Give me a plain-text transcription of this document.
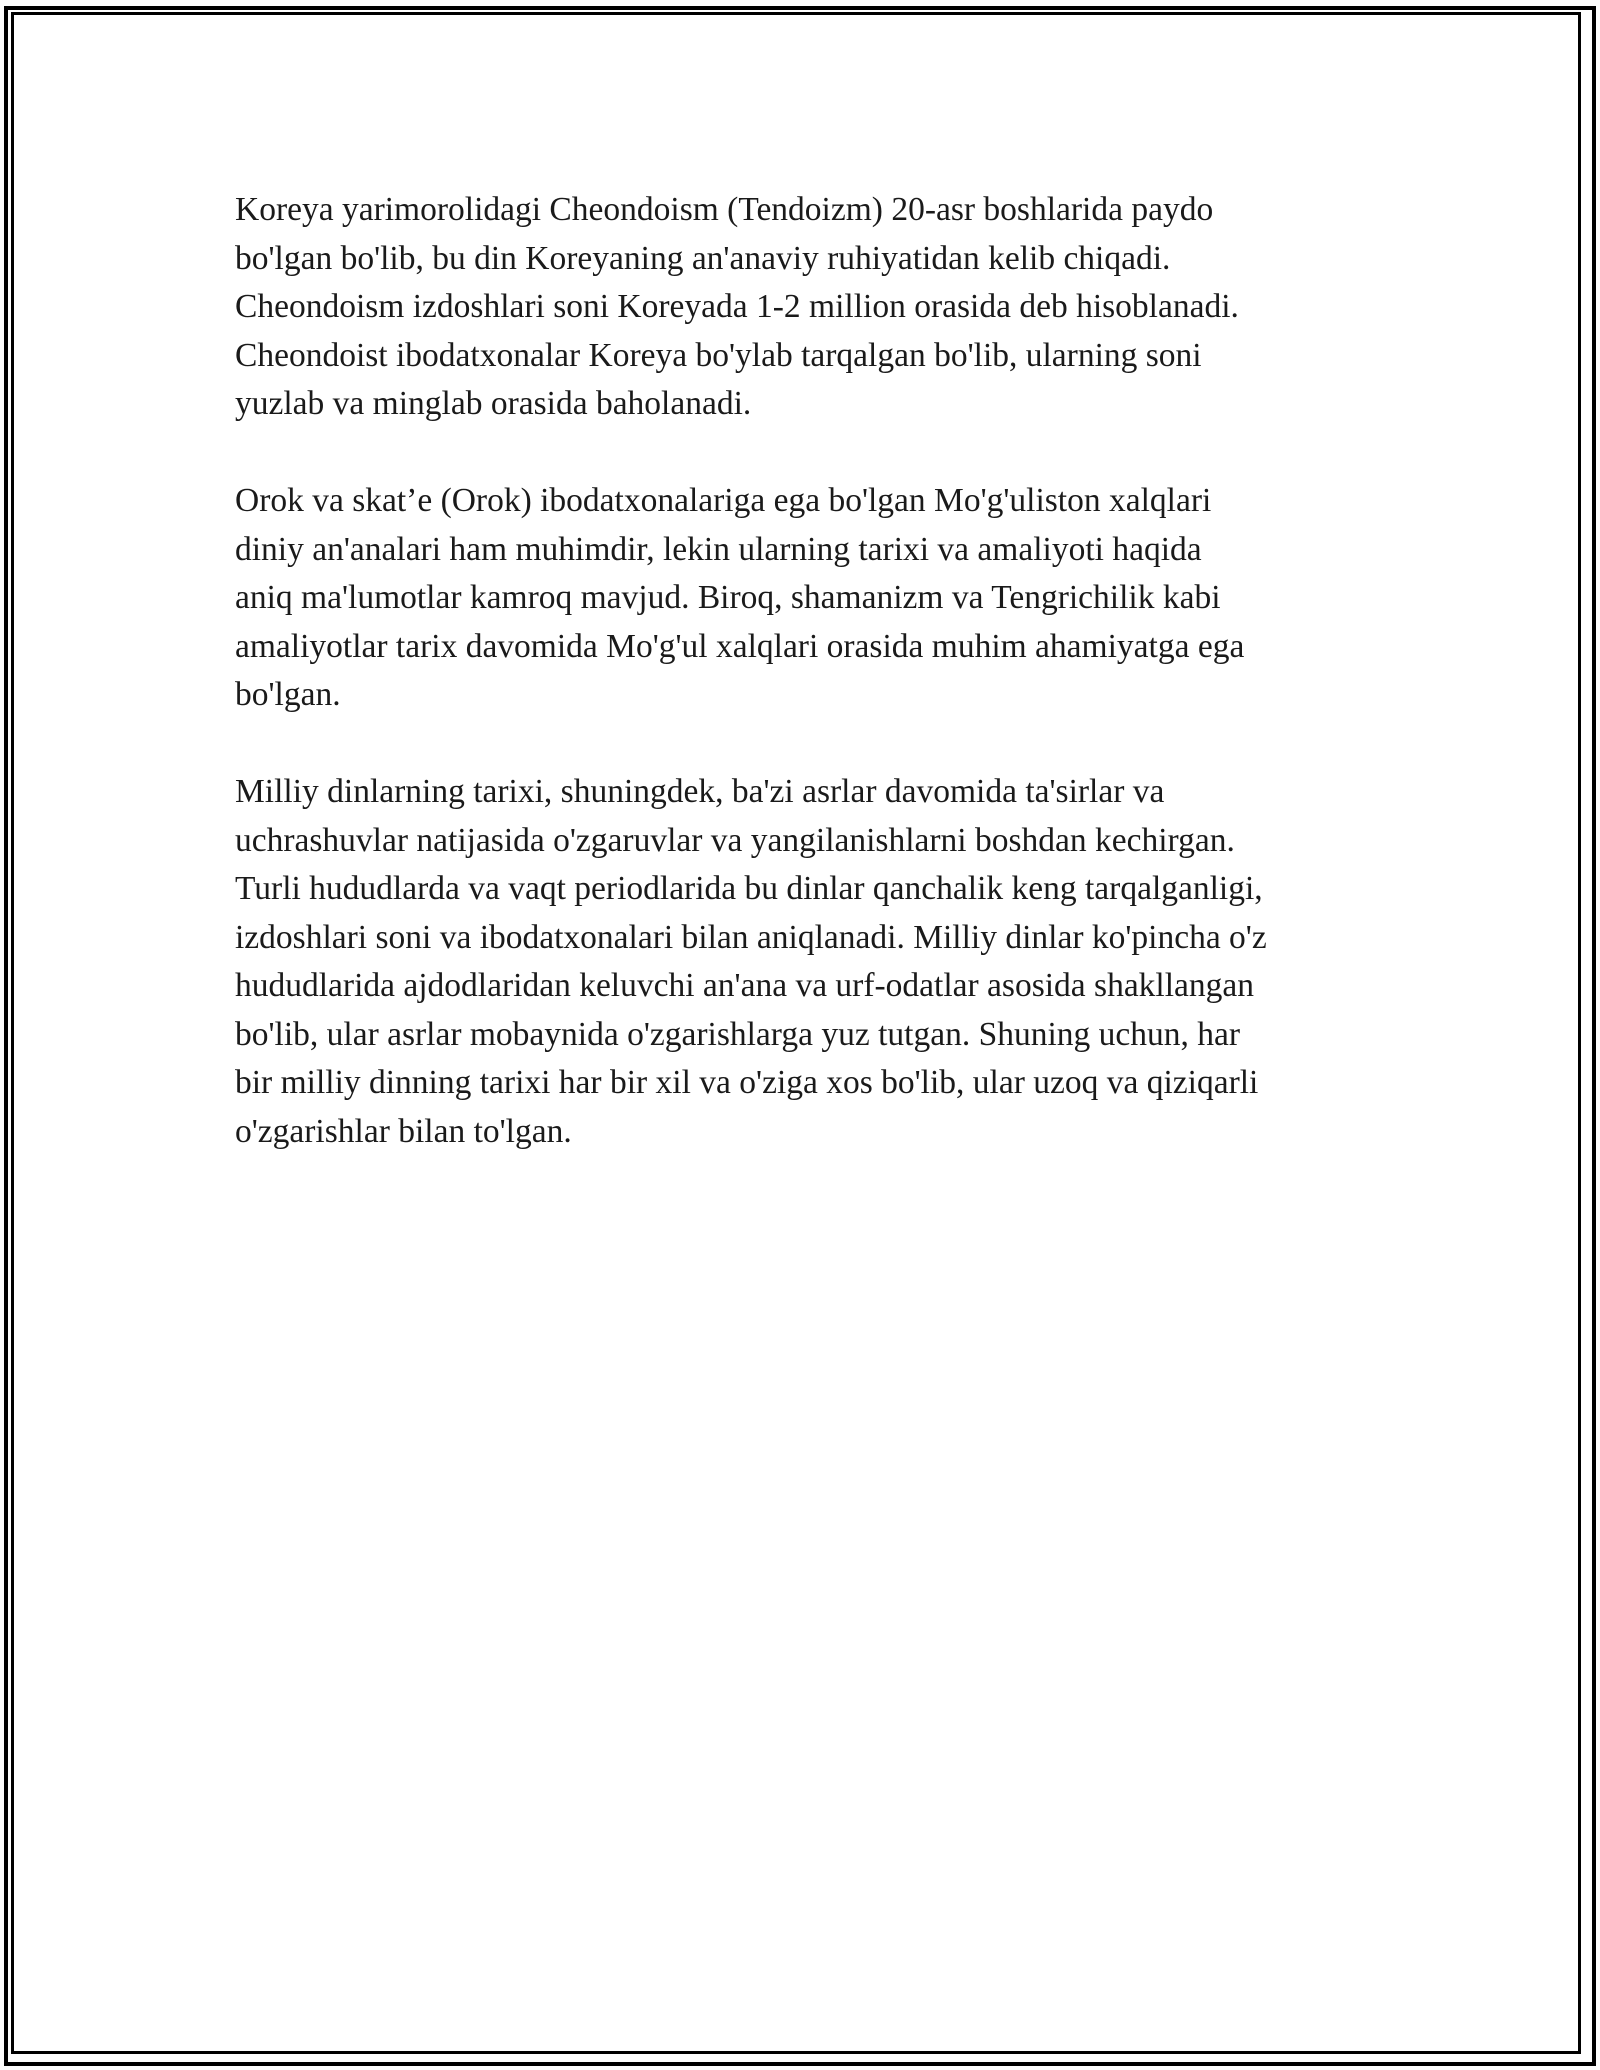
Koreya yarimorolidagi Cheondoism (Tendoizm) 20-asr boshlarida paydo
bo'lgan bo'lib, bu din Koreyaning an'anaviy ruhiyatidan kelib chiqadi.
Cheondoism izdoshlari soni Koreyada 1-2 million orasida deb hisoblanadi.
Cheondoist ibodatxonalar Koreya bo'ylab tarqalgan bo'lib, ularning soni
yuzlab va minglab orasida baholanadi.

Orok va skat’e (Orok) ibodatxonalariga ega bo'lgan Mo'g'uliston xalqlari
diniy an'analari ham muhimdir, lekin ularning tarixi va amaliyoti haqida
aniq ma'lumotlar kamroq mavjud. Biroq, shamanizm va Tengrichilik kabi
amaliyotlar tarix davomida Mo'g'ul xalqlari orasida muhim ahamiyatga ega
bo'lgan.

Milliy dinlarning tarixi, shuningdek, ba'zi asrlar davomida ta'sirlar va
uchrashuvlar natijasida o'zgaruvlar va yangilanishlarni boshdan kechirgan.
Turli hududlarda va vaqt periodlarida bu dinlar qanchalik keng tarqalganligi,
izdoshlari soni va ibodatxonalari bilan aniqlanadi. Milliy dinlar ko'pincha o'z
hududlarida ajdodlaridan keluvchi an'ana va urf-odatlar asosida shakllangan
bo'lib, ular asrlar mobaynida o'zgarishlarga yuz tutgan. Shuning uchun, har
bir milliy dinning tarixi har bir xil va o'ziga xos bo'lib, ular uzoq va qiziqarli
o'zgarishlar bilan to'lgan.
